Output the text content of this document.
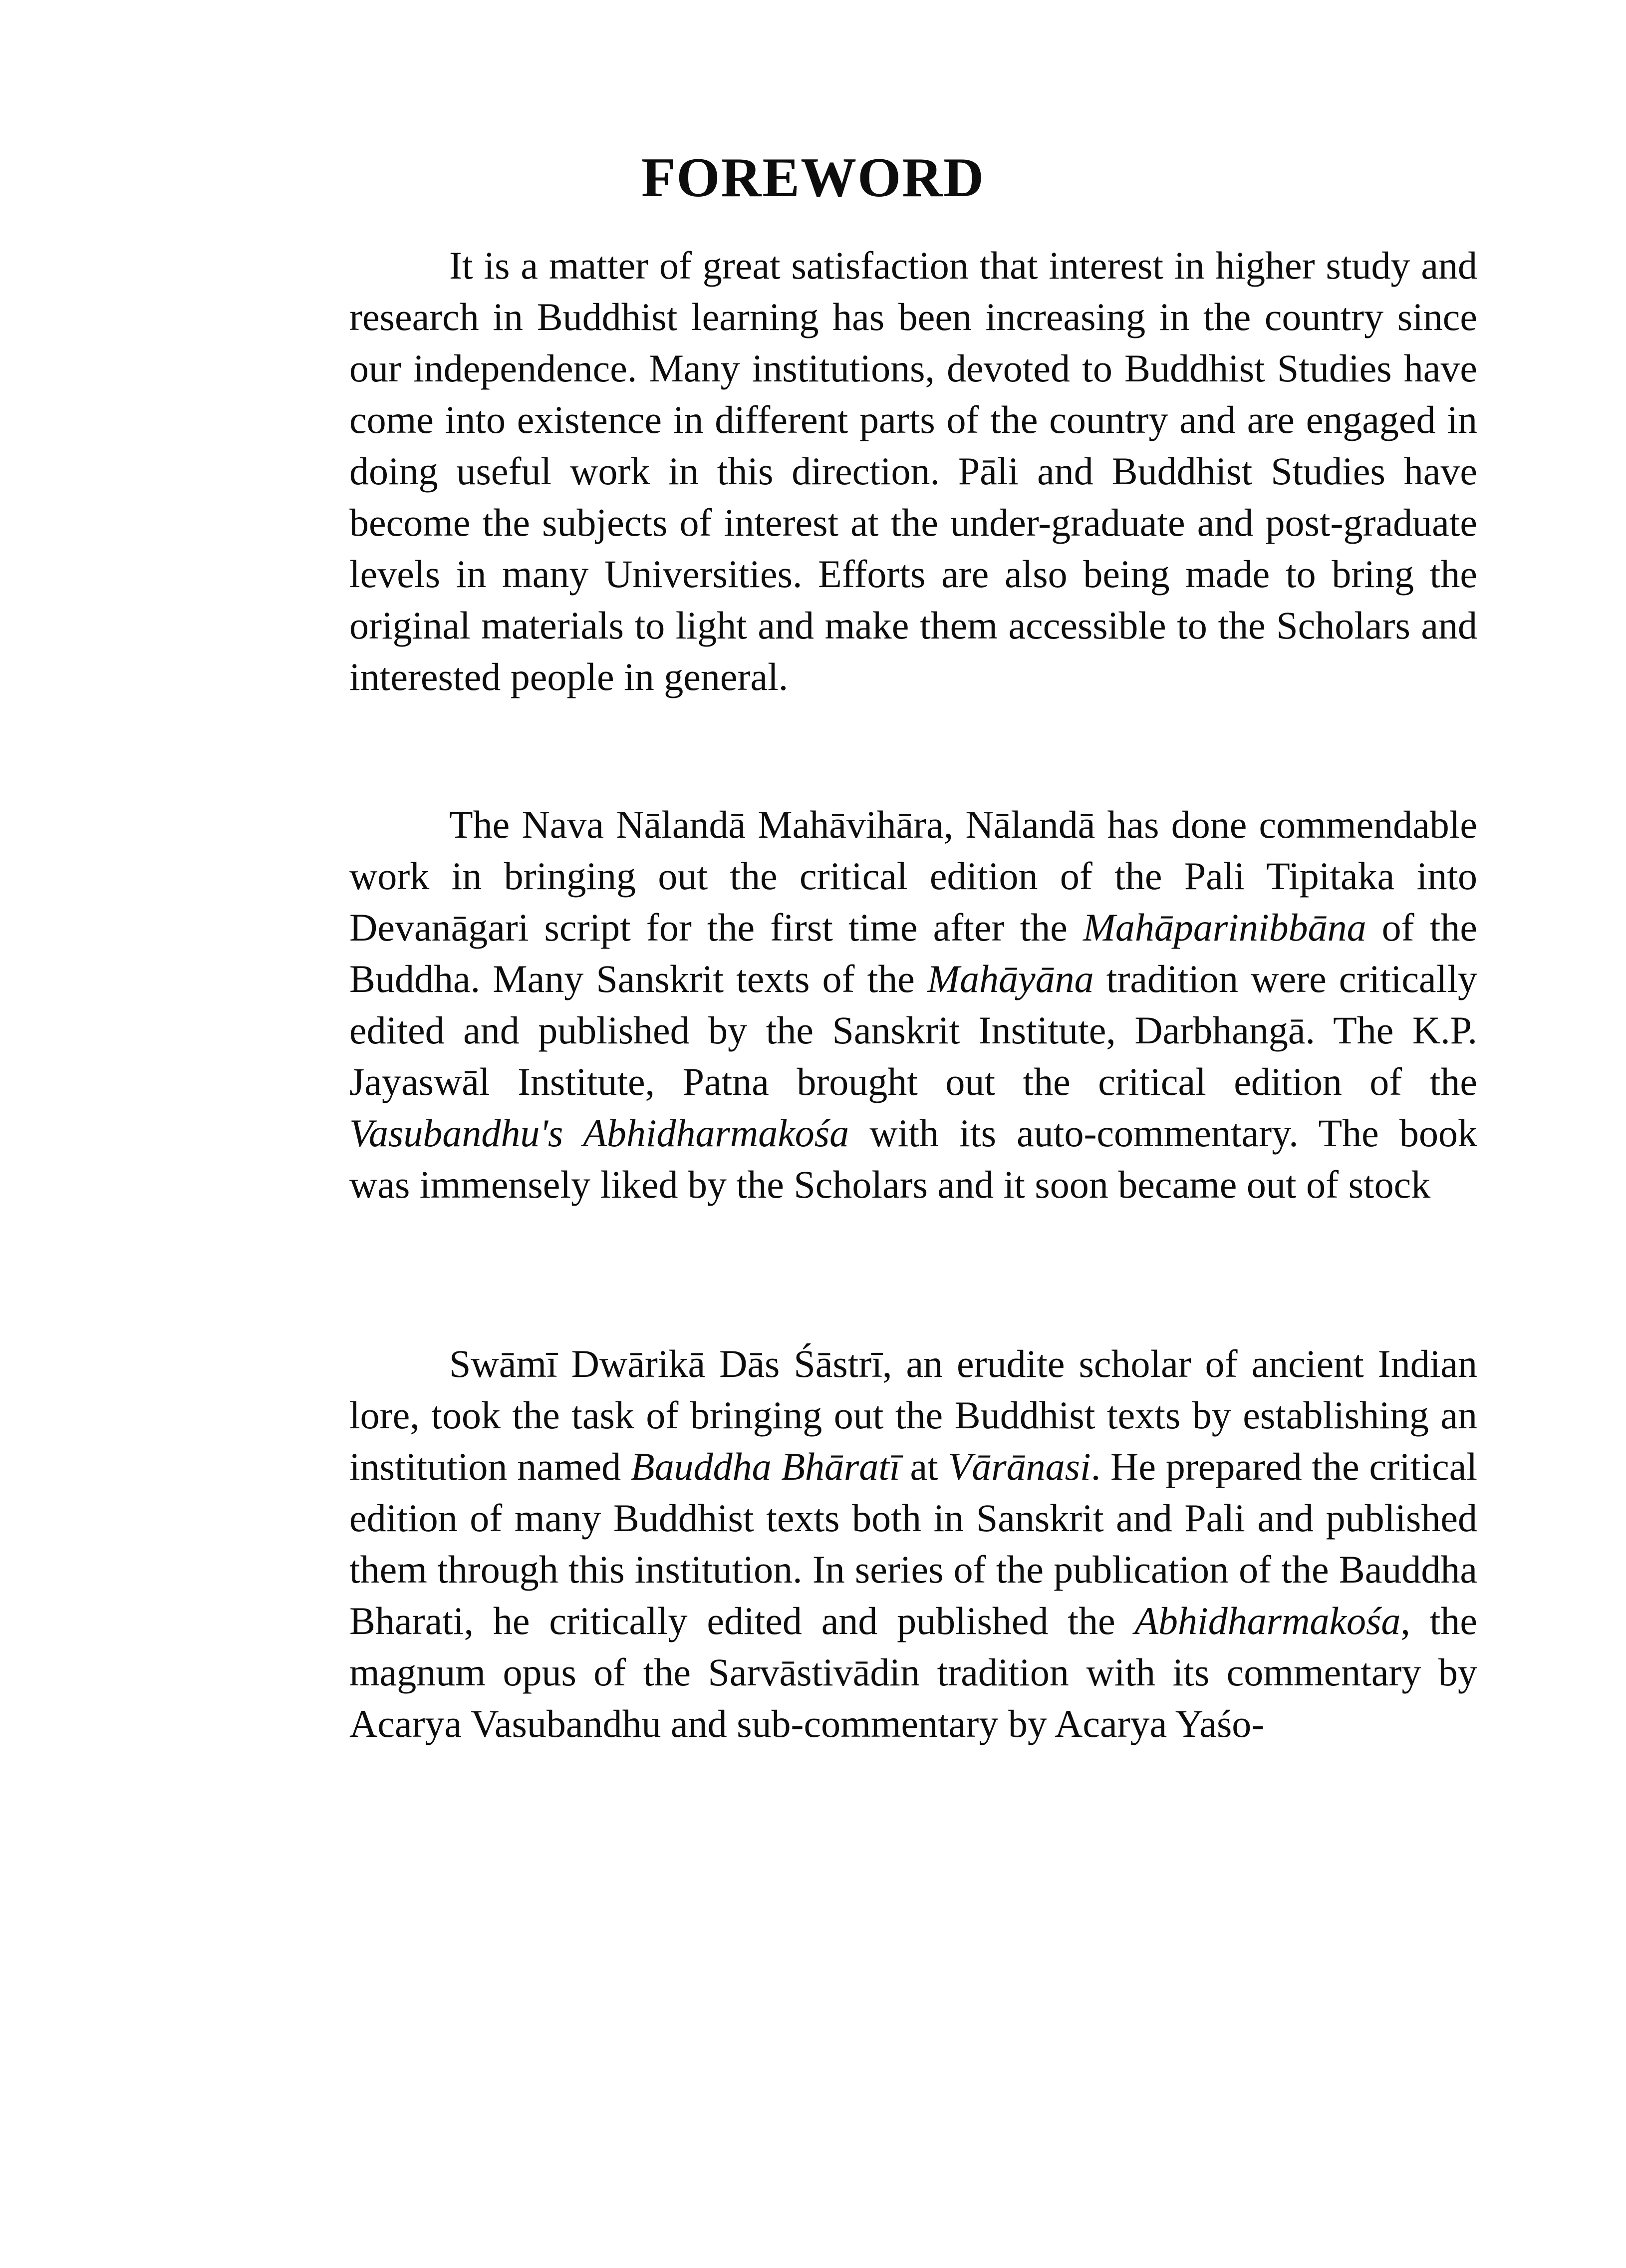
FOREWORD

It is a matter of great satisfaction that interest in higher study and research in Buddhist learning has been increasing in the country since our independence. Many institutions, devoted to Buddhist Studies have come into existence in different parts of the country and are engaged in doing useful work in this direction. Pāli and Buddhist Studies have become the subjects of interest at the under-graduate and post-graduate levels in many Universities. Efforts are also being made to bring the original materials to light and make them accessible to the Scholars and interested people in general.

The Nava Nālandā Mahāvihāra, Nālandā has done commendable work in bringing out the critical edition of the Pali Tipitaka into Devanāgari script for the first time after the Mahāparinibbāna of the Buddha. Many Sanskrit texts of the Mahāyāna tradition were critically edited and published by the Sanskrit Institute, Darbhangā. The K.P. Jayaswāl Institute, Patna brought out the critical edition of the Vasubandhu's Abhidharmakośa with its auto-commentary. The book was immensely liked by the Scholars and it soon became out of stock

Swāmī Dwārikā Dās Śāstrī, an erudite scholar of ancient Indian lore, took the task of bringing out the Buddhist texts by establishing an institution named Bauddha Bhāratī at Vārānasi. He prepared the critical edition of many Buddhist texts both in Sanskrit and Pali and published them through this institution. In series of the publication of the Bauddha Bharati, he critically edited and published the Abhidharmakośa, the magnum opus of the Sarvāstivādin tradition with its commentary by Acarya Vasubandhu and sub-commentary by Acarya Yaśo-
